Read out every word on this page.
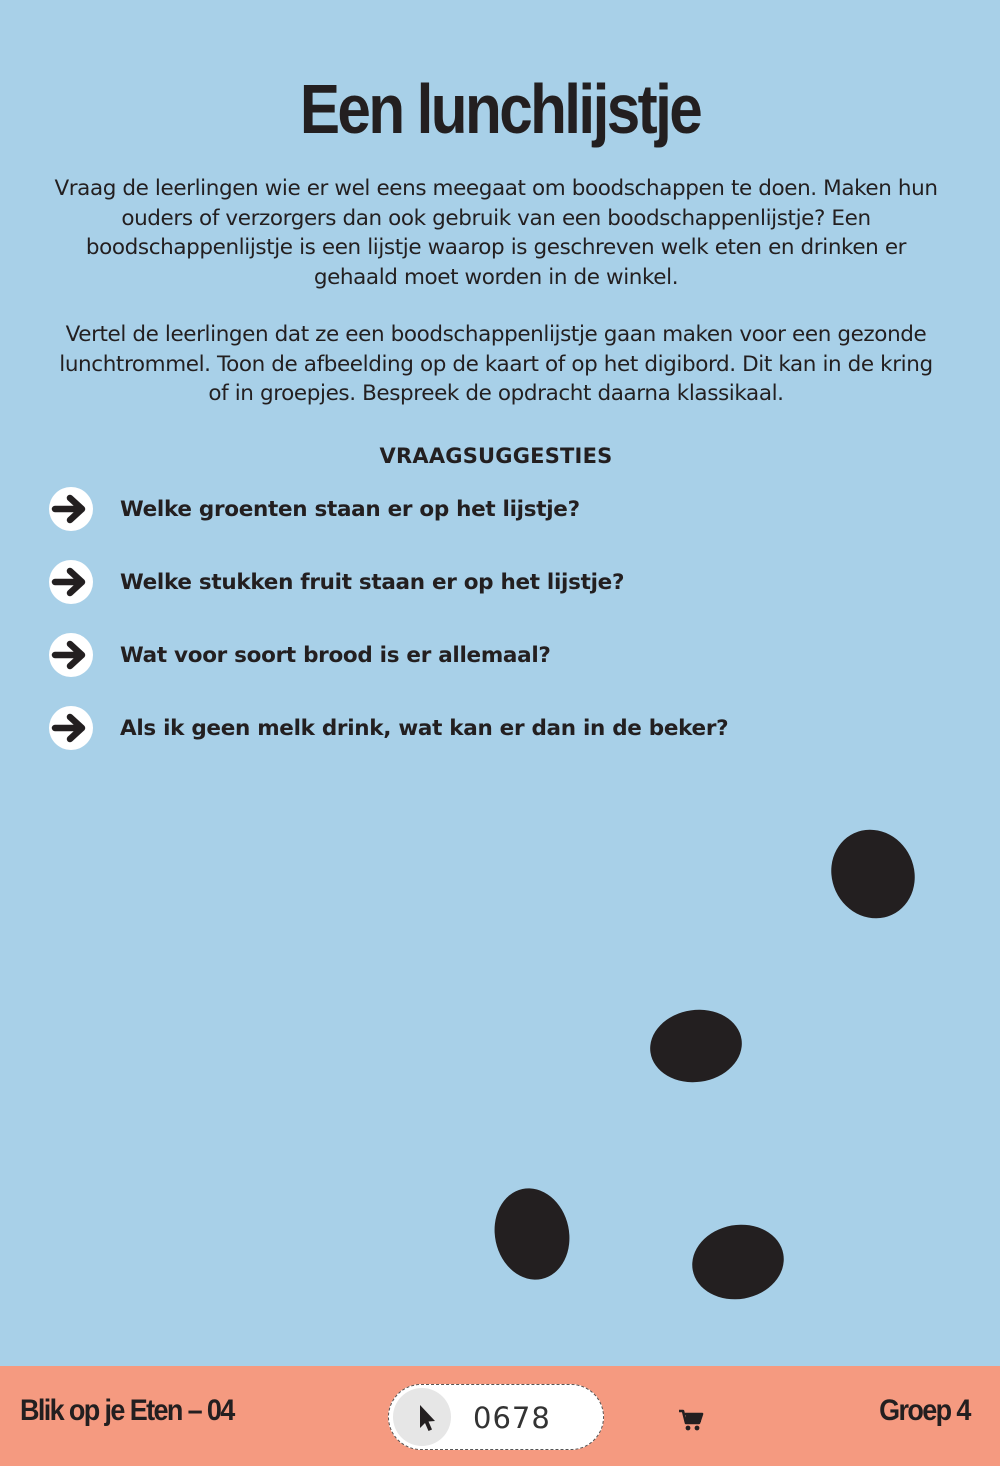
Een lunchlijstje

Vraag de leerlingen wie er wel eens meegaat om boodschappen te doen. Maken hun ouders of verzorgers dan ook gebruik van een boodschappenlijstje? Een boodschappenlijstje is een lijstje waarop is geschreven welk eten en drinken er gehaald moet worden in de winkel.

Vertel de leerlingen dat ze een boodschappenlijstje gaan maken voor een gezonde lunchtrommel. Toon de afbeelding op de kaart of op het digibord. Dit kan in de kring of in groepjes. Bespreek de opdracht daarna klassikaal.

VRAAGSUGGESTIES
Welke groenten staan er op het lijstje?
Welke stukken fruit staan er op het lijstje?
Wat voor soort brood is er allemaal?
Als ik geen melk drink, wat kan er dan in de beker?
Blik op je Eten – 04	0678	Groep 4
